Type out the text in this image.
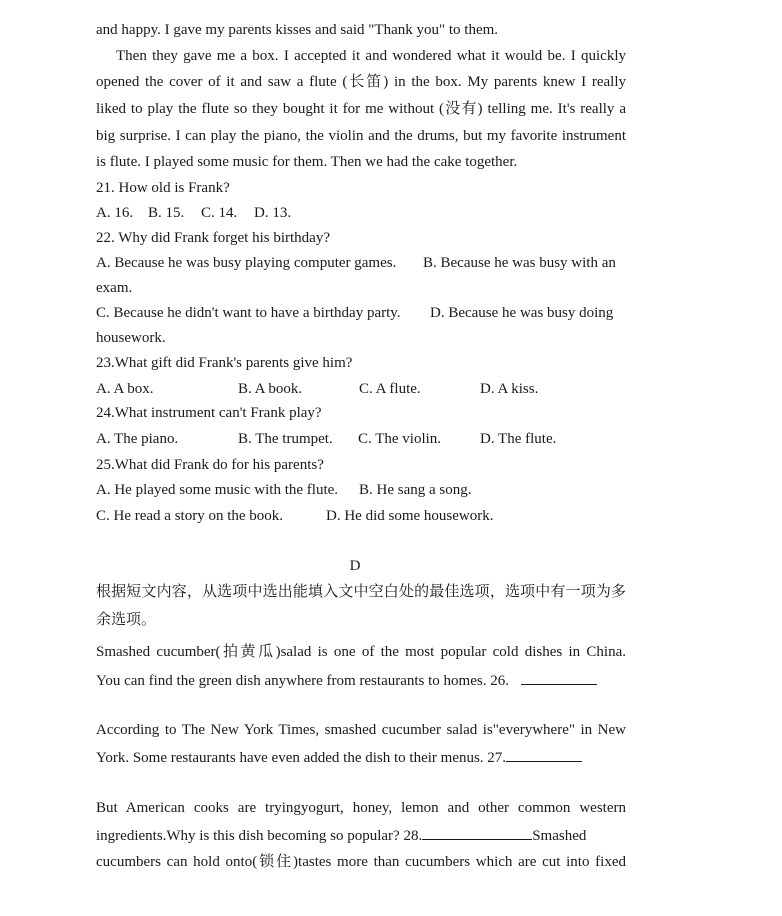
and happy. I gave my parents kisses and said "Thank you" to them.
Then they gave me a box. I accepted it and wondered what it would be. I quickly
opened the cover of it and saw a flute (长笛) in the box. My parents knew I really
liked to play the flute so they bought it for me without (没有) telling me. It's really a
big surprise. I can play the piano, the violin and the drums, but my favorite instrument
is flute. I played some music for them. Then we had the cake together.
21. How old is Frank?
A. 16. B. 15. C. 14. D. 13.
22. Why did Frank forget his birthday?
A. Because he was busy playing computer games. B. Because he was busy with an
exam.
C. Because he didn't want to have a birthday party. D. Because he was busy doing
housework.
23.What gift did Frank's parents give him?
A. A box.	B. A book.	C. A flute.	D. A kiss.
24.What instrument can't Frank play?
A. The piano.	B. The trumpet. C. The violin.	D. The flute.
25.What did Frank do for his parents?
A. He played some music with the flute. B. He sang a song.
C. He read a story on the book.	D. He did some housework.
D
根据短文内容，从选项中选出能填入文中空白处的最佳选项，选项中有一项为多
余选项。
Smashed cucumber(拍黄瓜)salad is one of the most popular cold dishes in China.
You can find the green dish anywhere from restaurants to homes. 26.
According to The New York Times, smashed cucumber salad is"everywhere" in New
York. Some restaurants have even added the dish to their menus. 27.
But American cooks are tryingyogurt, honey, lemon and other common western
ingredients.Why is this dish becoming so popular? 28.	Smashed
cucumbers can hold onto(锁住)tastes more than cucumbers which are cut into fixed
